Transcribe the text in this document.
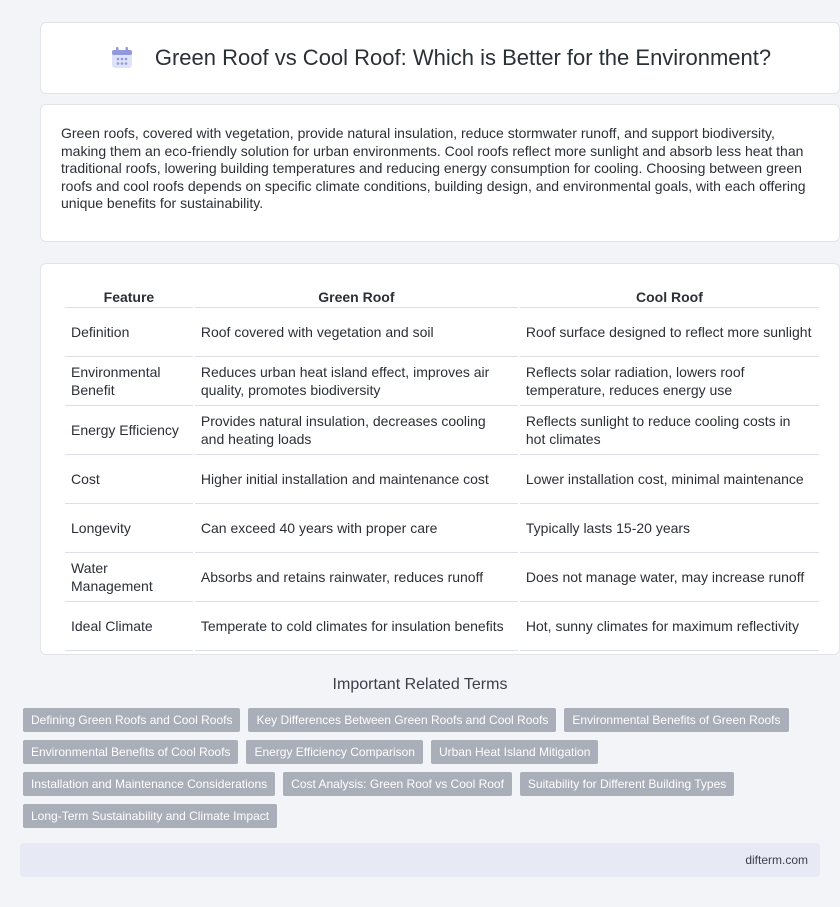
Green Roof vs Cool Roof: Which is Better for the Environment?

Green roofs, covered with vegetation, provide natural insulation, reduce stormwater runoff, and support biodiversity, making them an eco-friendly solution for urban environments. Cool roofs reflect more sunlight and absorb less heat than traditional roofs, lowering building temperatures and reducing energy consumption for cooling. Choosing between green roofs and cool roofs depends on specific climate conditions, building design, and environmental goals, with each offering unique benefits for sustainability.

Feature	Green Roof	Cool Roof
Definition	Roof covered with vegetation and soil	Roof surface designed to reflect more sunlight
Environmental Benefit	Reduces urban heat island effect, improves air quality, promotes biodiversity	Reflects solar radiation, lowers roof temperature, reduces energy use
Energy Efficiency	Provides natural insulation, decreases cooling and heating loads	Reflects sunlight to reduce cooling costs in hot climates
Cost	Higher initial installation and maintenance cost	Lower installation cost, minimal maintenance
Longevity	Can exceed 40 years with proper care	Typically lasts 15-20 years
Water Management	Absorbs and retains rainwater, reduces runoff	Does not manage water, may increase runoff
Ideal Climate	Temperate to cold climates for insulation benefits	Hot, sunny climates for maximum reflectivity
Important Related Terms
Defining Green Roofs and Cool Roofs	Key Differences Between Green Roofs and Cool Roofs	Environmental Benefits of Green Roofs
Environmental Benefits of Cool Roofs	Energy Efficiency Comparison	Urban Heat Island Mitigation
Installation and Maintenance Considerations	Cost Analysis: Green Roof vs Cool Roof	Suitability for Different Building Types
Long-Term Sustainability and Climate Impact
difterm.com
